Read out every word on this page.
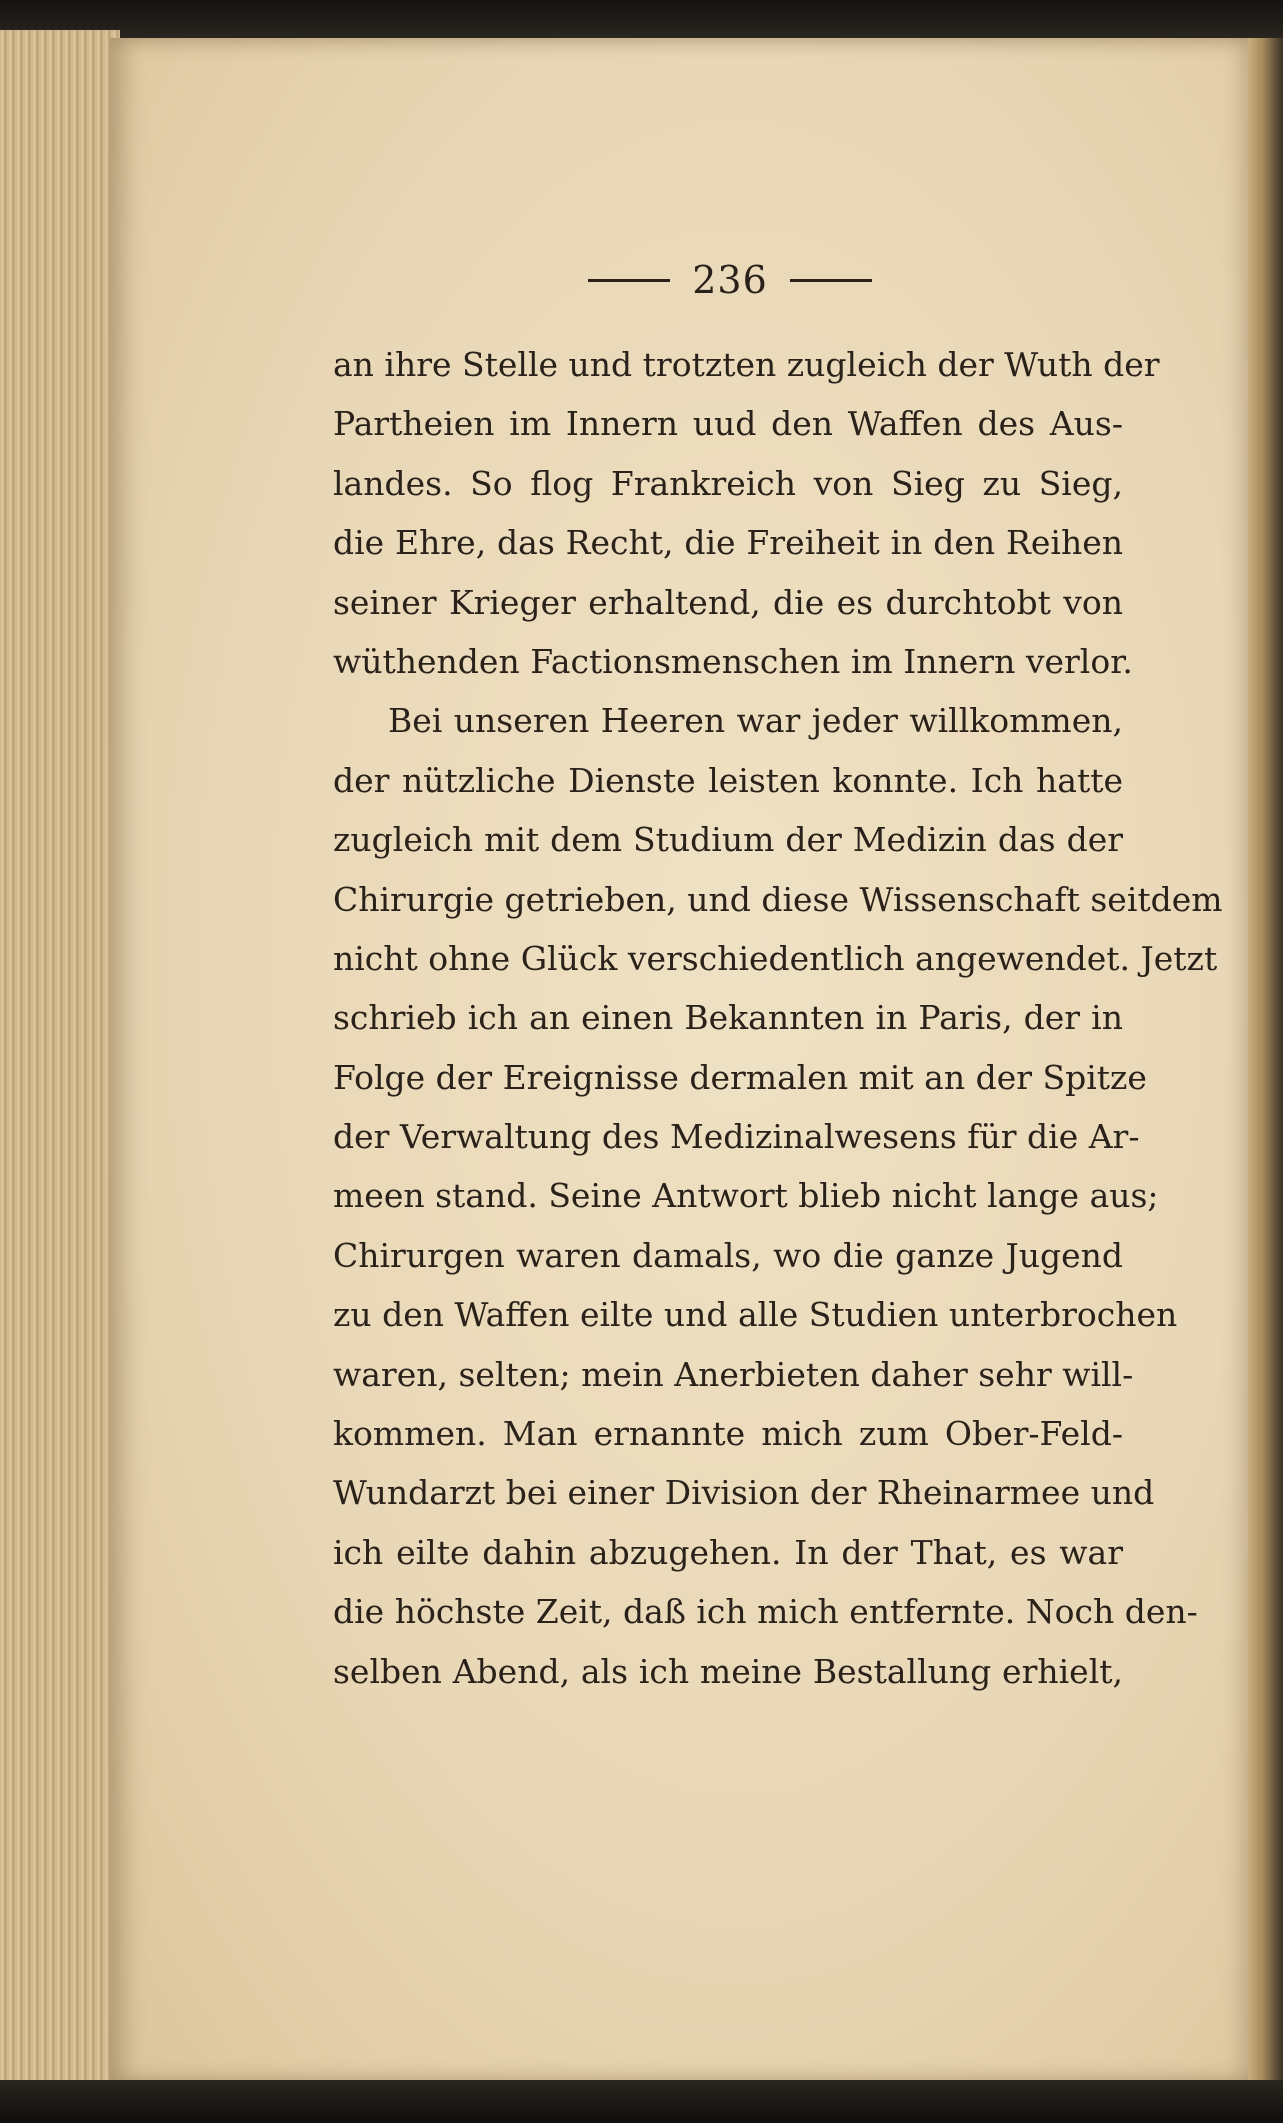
236
an ihre Stelle und trotzten zugleich der Wuth der
Partheien im Innern uud den Waffen des Aus-
landes. So flog Frankreich von Sieg zu Sieg,
die Ehre, das Recht, die Freiheit in den Reihen
seiner Krieger erhaltend, die es durchtobt von
wüthenden Factionsmenschen im Innern verlor.
Bei unseren Heeren war jeder willkommen,
der nützliche Dienste leisten konnte. Ich hatte
zugleich mit dem Studium der Medizin das der
Chirurgie getrieben, und diese Wissenschaft seitdem
nicht ohne Glück verschiedentlich angewendet. Jetzt
schrieb ich an einen Bekannten in Paris, der in
Folge der Ereignisse dermalen mit an der Spitze
der Verwaltung des Medizinalwesens für die Ar-
meen stand. Seine Antwort blieb nicht lange aus;
Chirurgen waren damals, wo die ganze Jugend
zu den Waffen eilte und alle Studien unterbrochen
waren, selten; mein Anerbieten daher sehr will-
kommen. Man ernannte mich zum Ober-Feld-
Wundarzt bei einer Division der Rheinarmee und
ich eilte dahin abzugehen. In der That, es war
die höchste Zeit, daß ich mich entfernte. Noch den-
selben Abend, als ich meine Bestallung erhielt,
